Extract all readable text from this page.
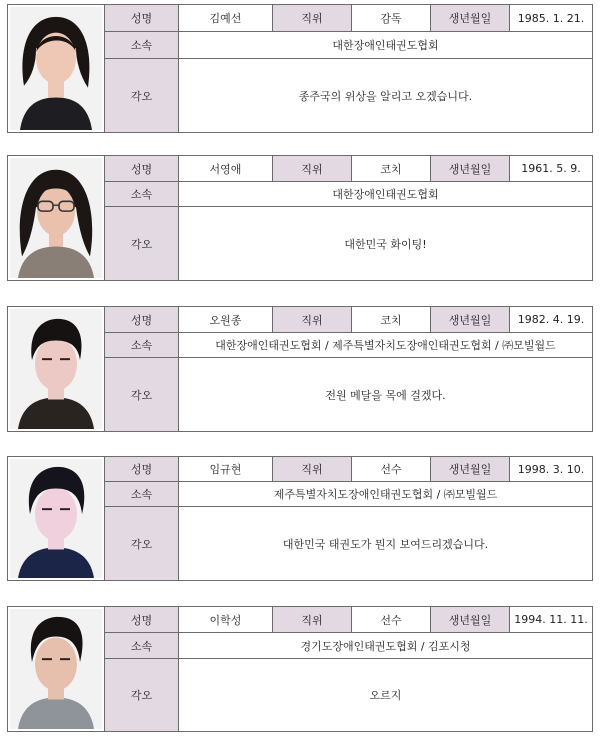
성명	김예선	직위	감독	생년월일	1985. 1. 21.
소속	대한장애인태권도협회
각오	종주국의 위상을 알리고 오겠습니다.
성명	서영애	직위	코치	생년월일	1961. 5. 9.
소속	대한장애인태권도협회
각오	대한민국 화이팅!
성명	오원종	직위	코치	생년월일	1982. 4. 19.
소속	대한장애인태권도협회 / 제주특별자치도장애인태권도협회 / ㈜모빌월드
각오	전원 메달을 목에 걸겠다.
성명	임규현	직위	선수	생년월일	1998. 3. 10.
소속	제주특별자치도장애인태권도협회 / ㈜모빌월드
각오	대한민국 태권도가 뭔지 보여드리겠습니다.
성명	이학성	직위	선수	생년월일	1994. 11. 11.
소속	경기도장애인태권도협회 / 김포시청
각오	오르지
